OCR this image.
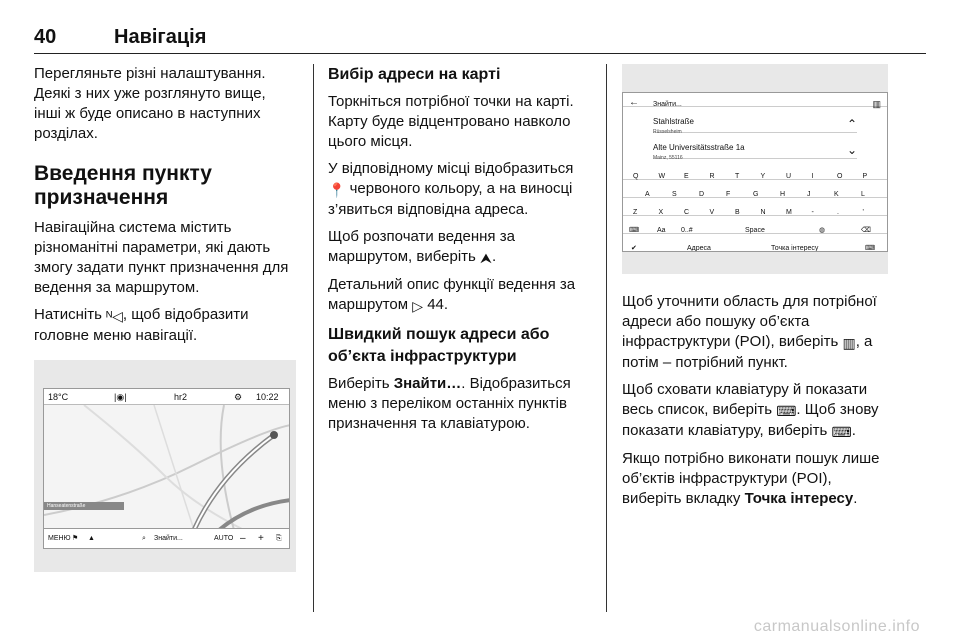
40	Навігація

Перегляньте різні налаштування. Деякі з них уже розглянуто вище, інші ж буде описано в наступних розділах.

Введення пункту призначення

Навігаційна система містить різноманітні параметри, які дають змогу задати пункт призначення для ведення за маршрутом.

Натисніть ᴺ◁, щоб відобразити головне меню навігації.

18°C	|◉|	hr2	⚙ 10:22
Hanseatenstraße
МЕНЮ ⚑ ▲	⌕ Знайти...	AUTO – + ⎘
Вибір адреси на карті

Торкніться потрібної точки на карті. Карту буде відцентровано навколо цього місця.

У відповідному місці відобразиться 📍 червоного кольору, а на виносці з’явиться відповідна адреса.

Щоб розпочати ведення за маршрутом, виберіть ⮝.

Детальний опис функції ведення за маршрутом ▷ 44.

Швидкий пошук адреси або об’єкта інфраструктури

Виберіть Знайти…. Відобразиться меню з переліком останніх пунктів призначення та клавіатурою.

← Знайти...	▥
Stahlstraße
Rüsselsheim
⌃
Alte Universitätsstraße 1a
Mainz, 55116
⌄
Q	W	E	R	T	Y	U	I	O	P
A	S	D	F	G	H	J	K	L
Z	X	C	V	B	N	M	-	.	'
⌨	Aa 0..#	Space	◍	⌫
✔	Адреса	Точка інтересу	⌨

Щоб уточнити область для потрібної адреси або пошуку об’єкта інфраструктури (POI), виберіть ▥, а потім – потрібний пункт.

Щоб сховати клавіатуру й показати весь список, виберіть ⌨. Щоб знову показати клавіатуру, виберіть ⌨.

Якщо потрібно виконати пошук лише об’єктів інфраструктури (POI), виберіть вкладку Точка інтересу.

carmanualsonline.info
